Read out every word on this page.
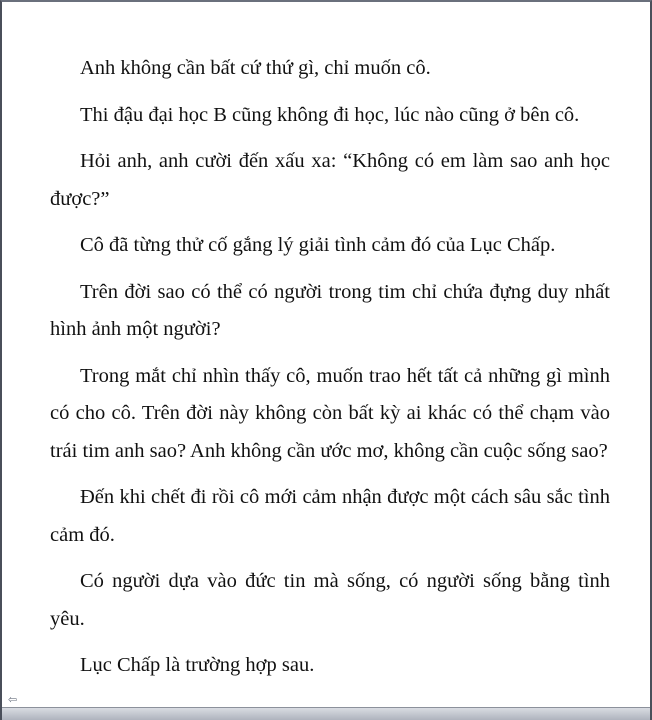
Anh không cần bất cứ thứ gì, chỉ muốn cô.

Thi đậu đại học B cũng không đi học, lúc nào cũng ở bên cô.

Hỏi anh, anh cười đến xấu xa: “Không có em làm sao anh học được?”

Cô đã từng thử cố gắng lý giải tình cảm đó của Lục Chấp.

Trên đời sao có thể có người trong tim chỉ chứa đựng duy nhất hình ảnh một người?

Trong mắt chỉ nhìn thấy cô, muốn trao hết tất cả những gì mình có cho cô. Trên đời này không còn bất kỳ ai khác có thể chạm vào trái tim anh sao? Anh không cần ước mơ, không cần cuộc sống sao?

Đến khi chết đi rồi cô mới cảm nhận được một cách sâu sắc tình cảm đó.

Có người dựa vào đức tin mà sống, có người sống bằng tình yêu.

Lục Chấp là trường hợp sau.

⇦
